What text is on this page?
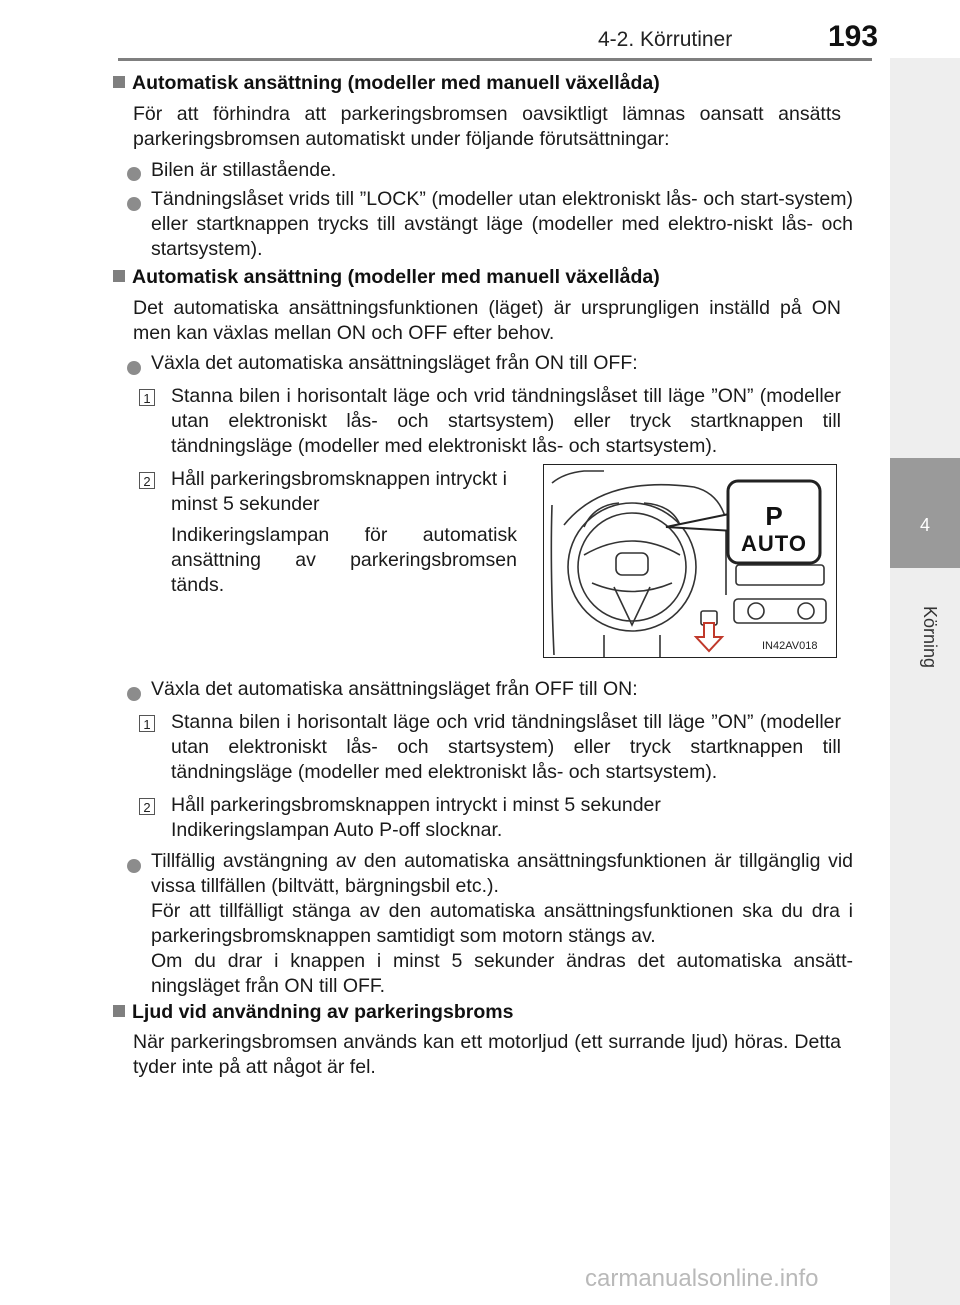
4-2. Körrutiner	193
4
Körning
Automatisk ansättning (modeller med manuell växellåda)

För att förhindra att parkeringsbromsen oavsiktligt lämnas oansatt ansätts parkeringsbromsen automatiskt under följande förutsättningar:

Bilen är stillastående.

Tändningslåset vrids till ”LOCK” (modeller utan elektroniskt lås- och start-system) eller startknappen trycks till avstängt läge (modeller med elektro-niskt lås- och startsystem).

Automatisk ansättning (modeller med manuell växellåda)

Det automatiska ansättningsfunktionen (läget) är ursprungligen inställd på ON men kan växlas mellan ON och OFF efter behov.

Växla det automatiska ansättningsläget från ON till OFF:

1 Stanna bilen i horisontalt läge och vrid tändningslåset till läge ”ON” (modeller utan elektroniskt lås- och startsystem) eller tryck startknappen till tändningsläge (modeller med elektroniskt lås- och startsystem).

2 Håll parkeringsbromsknappen intryckt i minst 5 sekunder

Indikeringslampan för automatisk ansättning av parkeringsbromsen tänds.

P
AUTO
IN42AV018

Växla det automatiska ansättningsläget från OFF till ON:

1 Stanna bilen i horisontalt läge och vrid tändningslåset till läge ”ON” (modeller utan elektroniskt lås- och startsystem) eller tryck startknappen till tändningsläge (modeller med elektroniskt lås- och startsystem).

2 Håll parkeringsbromsknappen intryckt i minst 5 sekunder

Indikeringslampan Auto P-off slocknar.

Tillfällig avstängning av den automatiska ansättningsfunktionen är tillgänglig vid vissa tillfällen (biltvätt, bärgningsbil etc.).

För att tillfälligt stänga av den automatiska ansättningsfunktionen ska du dra i parkeringsbromsknappen samtidigt som motorn stängs av.

Om du drar i knappen i minst 5 sekunder ändras det automatiska ansätt-ningsläget från ON till OFF.

Ljud vid användning av parkeringsbroms

När parkeringsbromsen används kan ett motorljud (ett surrande ljud) höras. Detta tyder inte på att något är fel.

carmanualsonline.info
